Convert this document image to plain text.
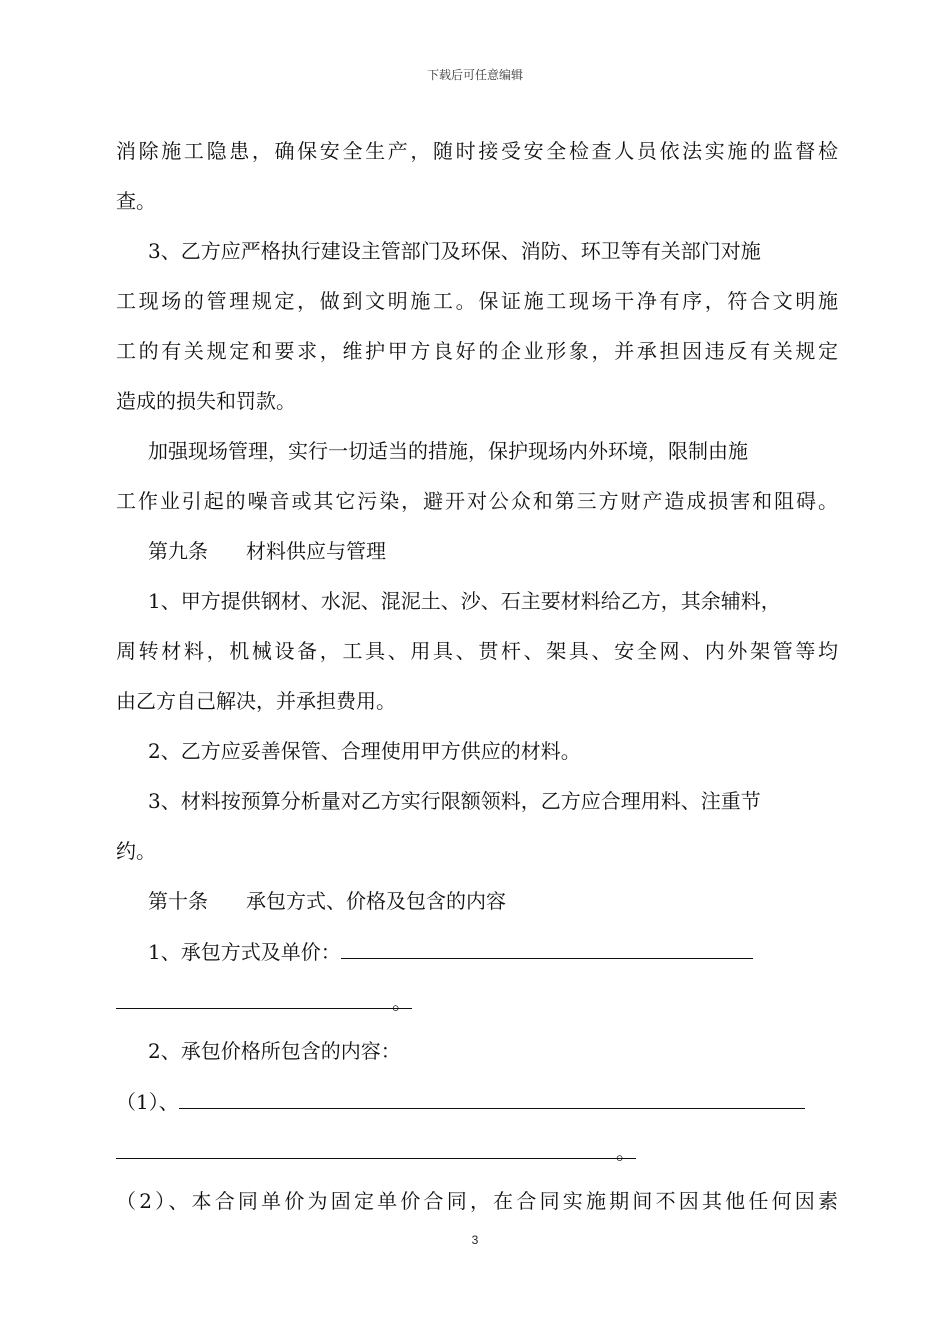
下载后可任意编辑
消除施工隐患，确保安全生产，随时接受安全检查人员依法实施的监督检
查。
3、乙方应严格执行建设主管部门及环保、消防、环卫等有关部门对施
工现场的管理规定，做到文明施工。保证施工现场干净有序，符合文明施
工的有关规定和要求，维护甲方良好的企业形象，并承担因违反有关规定
造成的损失和罚款。
加强现场管理，实行一切适当的措施，保护现场内外环境，限制由施
工作业引起的噪音或其它污染，避开对公众和第三方财产造成损害和阻碍。
第九条 材料供应与管理
1、甲方提供钢材、水泥、混泥土、沙、石主要材料给乙方，其余辅料，
周转材料，机械设备，工具、用具、贯杆、架具、安全网、内外架管等均
由乙方自己解决，并承担费用。
2、乙方应妥善保管、合理使用甲方供应的材料。
3、材料按预算分析量对乙方实行限额领料，乙方应合理用料、注重节
约。
第十条 承包方式、价格及包含的内容
1、承包方式及单价：
。
2、承包价格所包含的内容：
（1）、
。
（2）、本合同单价为固定单价合同，在合同实施期间不因其他任何因素
3
